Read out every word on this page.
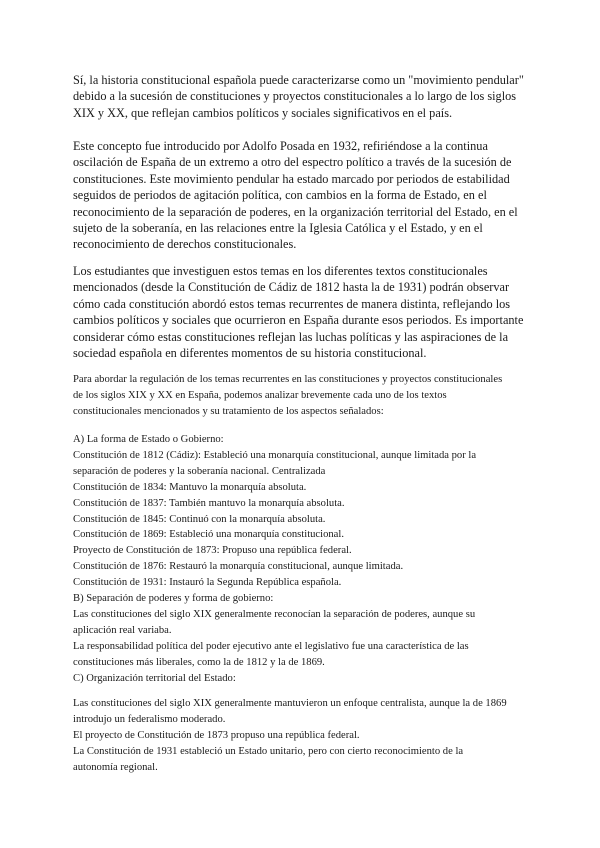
Sí, la historia constitucional española puede caracterizarse como un "movimiento pendular" debido a la sucesión de constituciones y proyectos constitucionales a lo largo de los siglos XIX y XX, que reflejan cambios políticos y sociales significativos en el país.

Este concepto fue introducido por Adolfo Posada en 1932, refiriéndose a la continua oscilación de España de un extremo a otro del espectro político a través de la sucesión de constituciones. Este movimiento pendular ha estado marcado por periodos de estabilidad seguidos de periodos de agitación política, con cambios en la forma de Estado, en el reconocimiento de la separación de poderes, en la organización territorial del Estado, en el sujeto de la soberanía, en las relaciones entre la Iglesia Católica y el Estado, y en el reconocimiento de derechos constitucionales.

Los estudiantes que investiguen estos temas en los diferentes textos constitucionales mencionados (desde la Constitución de Cádiz de 1812 hasta la de 1931) podrán observar cómo cada constitución abordó estos temas recurrentes de manera distinta, reflejando los cambios políticos y sociales que ocurrieron en España durante esos periodos. Es importante considerar cómo estas constituciones reflejan las luchas políticas y las aspiraciones de la sociedad española en diferentes momentos de su historia constitucional.

Para abordar la regulación de los temas recurrentes en las constituciones y proyectos constitucionales
de los siglos XIX y XX en España, podemos analizar brevemente cada uno de los textos
constitucionales mencionados y su tratamiento de los aspectos señalados:
A) La forma de Estado o Gobierno:
Constitución de 1812 (Cádiz): Estableció una monarquía constitucional, aunque limitada por la
separación de poderes y la soberanía nacional. Centralizada
Constitución de 1834: Mantuvo la monarquía absoluta.
Constitución de 1837: También mantuvo la monarquía absoluta.
Constitución de 1845: Continuó con la monarquía absoluta.
Constitución de 1869: Estableció una monarquía constitucional.
Proyecto de Constitución de 1873: Propuso una república federal.
Constitución de 1876: Restauró la monarquía constitucional, aunque limitada.
Constitución de 1931: Instauró la Segunda República española.
B) Separación de poderes y forma de gobierno:
Las constituciones del siglo XIX generalmente reconocían la separación de poderes, aunque su
aplicación real variaba.
La responsabilidad política del poder ejecutivo ante el legislativo fue una característica de las
constituciones más liberales, como la de 1812 y la de 1869.
C) Organización territorial del Estado:
Las constituciones del siglo XIX generalmente mantuvieron un enfoque centralista, aunque la de 1869
introdujo un federalismo moderado.
El proyecto de Constitución de 1873 propuso una república federal.
La Constitución de 1931 estableció un Estado unitario, pero con cierto reconocimiento de la
autonomía regional.
